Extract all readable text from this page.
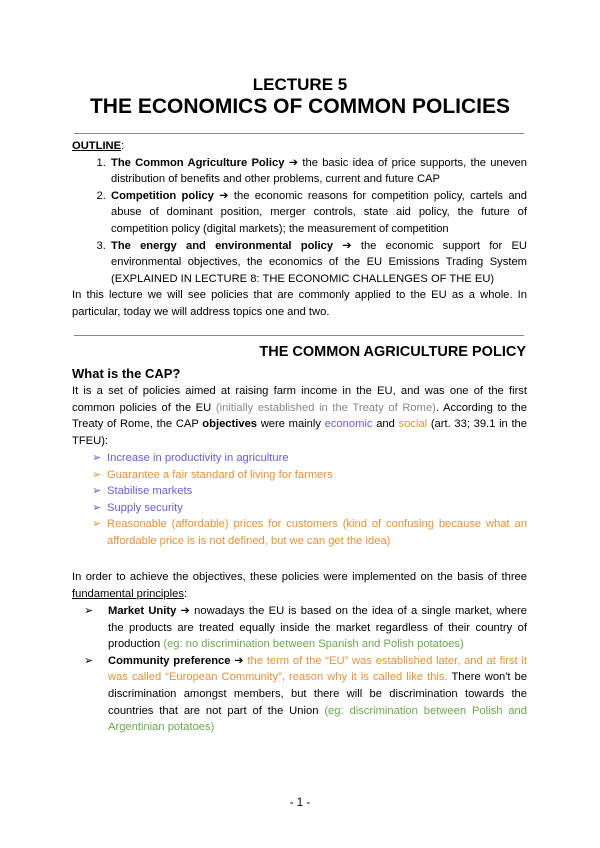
LECTURE 5
THE ECONOMICS OF COMMON POLICIES
OUTLINE:
1. The Common Agriculture Policy ➔ the basic idea of price supports, the uneven distribution of benefits and other problems, current and future CAP
2. Competition policy ➔ the economic reasons for competition policy, cartels and abuse of dominant position, merger controls, state aid policy, the future of competition policy (digital markets); the measurement of competition
3. The energy and environmental policy ➔ the economic support for EU environmental objectives, the economics of the EU Emissions Trading System (EXPLAINED IN LECTURE 8: THE ECONOMIC CHALLENGES OF THE EU)
In this lecture we will see policies that are commonly applied to the EU as a whole. In particular, today we will address topics one and two.
THE COMMON AGRICULTURE POLICY
What is the CAP?
It is a set of policies aimed at raising farm income in the EU, and was one of the first common policies of the EU (initially established in the Treaty of Rome). According to the Treaty of Rome, the CAP objectives were mainly economic and social (art. 33; 39.1 in the TFEU):
➢ Increase in productivity in agriculture
➢ Guarantee a fair standard of living for farmers
➢ Stabilise markets
➢ Supply security
➢ Reasonable (affordable) prices for customers (kind of confusing because what an affordable price is is not defined, but we can get the idea)
In order to achieve the objectives, these policies were implemented on the basis of three fundamental principles:
➢ Market Unity ➔ nowadays the EU is based on the idea of a single market, where the products are treated equally inside the market regardless of their country of production (eg: no discrimination between Spanish and Polish potatoes)
➢ Community preference ➔ the term of the “EU” was established later, and at first it was called “European Community”, reason why it is called like this. There won't be discrimination amongst members, but there will be discrimination towards the countries that are not part of the Union (eg: discrimination between Polish and Argentinian potatoes)
- 1 -
